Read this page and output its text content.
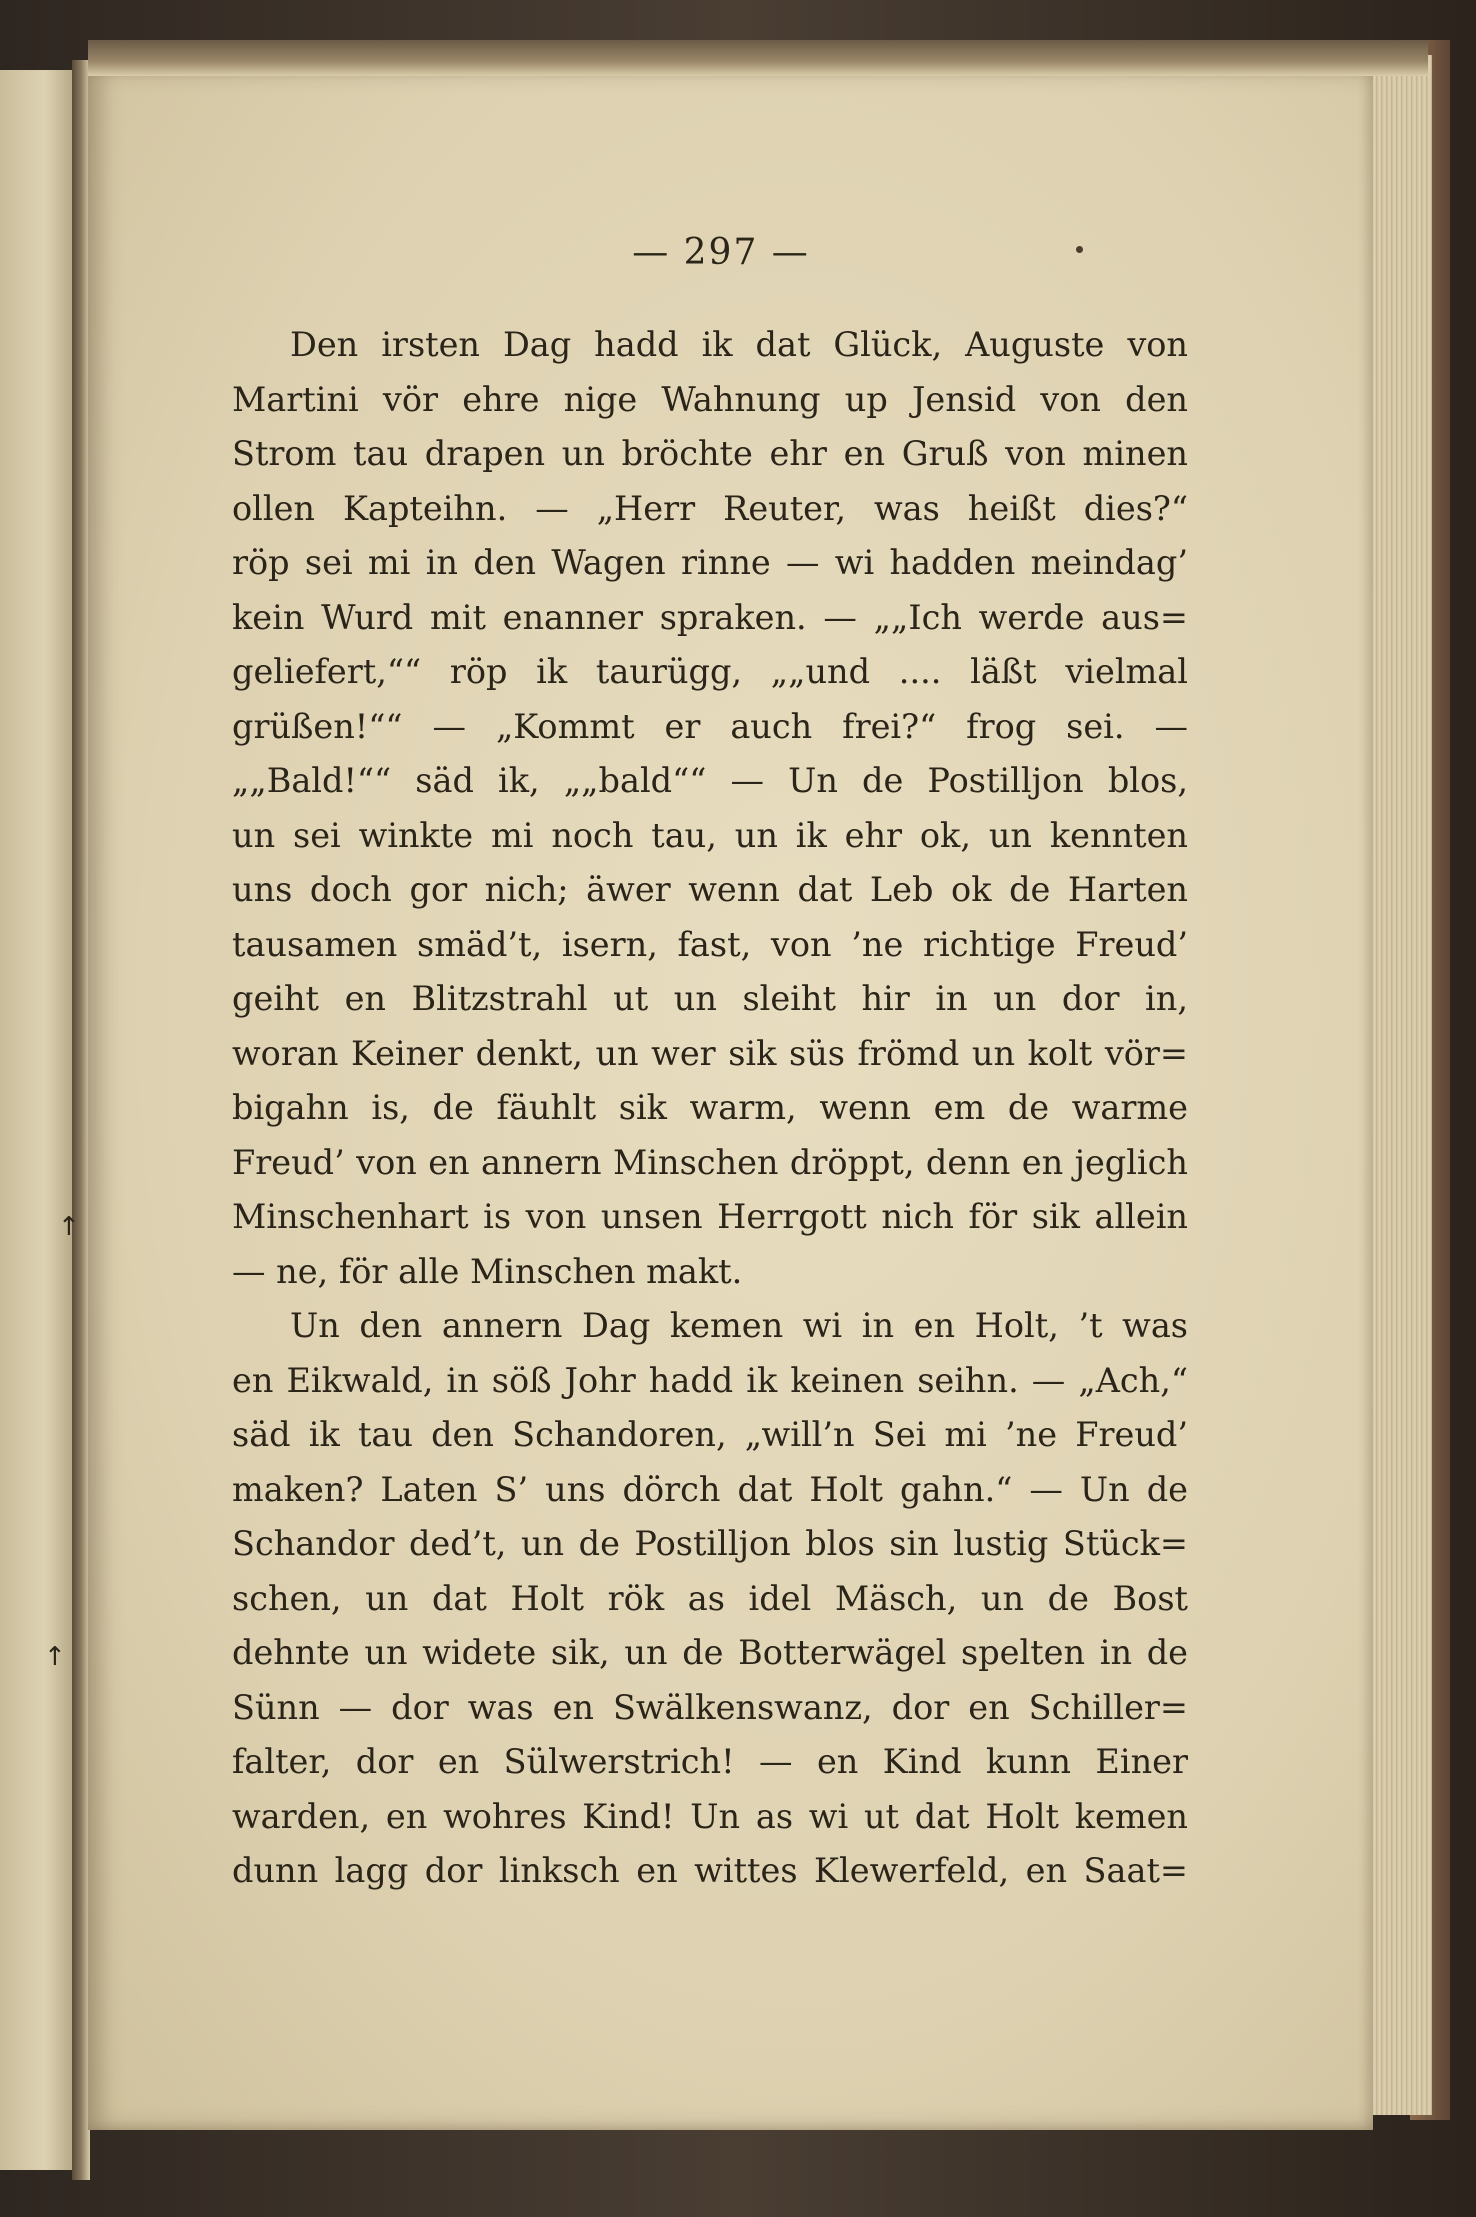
↑
↑
— 297 —
Den irsten Dag hadd ik dat Glück, Auguste von
Martini vör ehre nige Wahnung up Jensid von den
Strom tau drapen un bröchte ehr en Gruß von minen
ollen Kapteihn. — „Herr Reuter, was heißt dies?“
röp sei mi in den Wagen rinne — wi hadden meindag’
kein Wurd mit enanner spraken. — „„Ich werde aus=
geliefert,““ röp ik taurügg, „„und .... läßt vielmal
grüßen!““ — „Kommt er auch frei?“ frog sei. —
„„Bald!““ säd ik, „„bald““ — Un de Postilljon blos,
un sei winkte mi noch tau, un ik ehr ok, un kennten
uns doch gor nich; äwer wenn dat Leb ok de Harten
tausamen smäd’t, isern, fast, von ’ne richtige Freud’
geiht en Blitzstrahl ut un sleiht hir in un dor in,
woran Keiner denkt, un wer sik süs frömd un kolt vör=
bigahn is, de fäuhlt sik warm, wenn em de warme
Freud’ von en annern Minschen dröppt, denn en jeglich
Minschenhart is von unsen Herrgott nich för sik allein
— ne, för alle Minschen makt.
Un den annern Dag kemen wi in en Holt, ’t was
en Eikwald, in söß Johr hadd ik keinen seihn. — „Ach,“
säd ik tau den Schandoren, „will’n Sei mi ’ne Freud’
maken? Laten S’ uns dörch dat Holt gahn.“ — Un de
Schandor ded’t, un de Postilljon blos sin lustig Stück=
schen, un dat Holt rök as idel Mäsch, un de Bost
dehnte un widete sik, un de Botterwägel spelten in de
Sünn — dor was en Swälkenswanz, dor en Schiller=
falter, dor en Sülwerstrich! — en Kind kunn Einer
warden, en wohres Kind! Un as wi ut dat Holt kemen
dunn lagg dor linksch en wittes Klewerfeld, en Saat=
